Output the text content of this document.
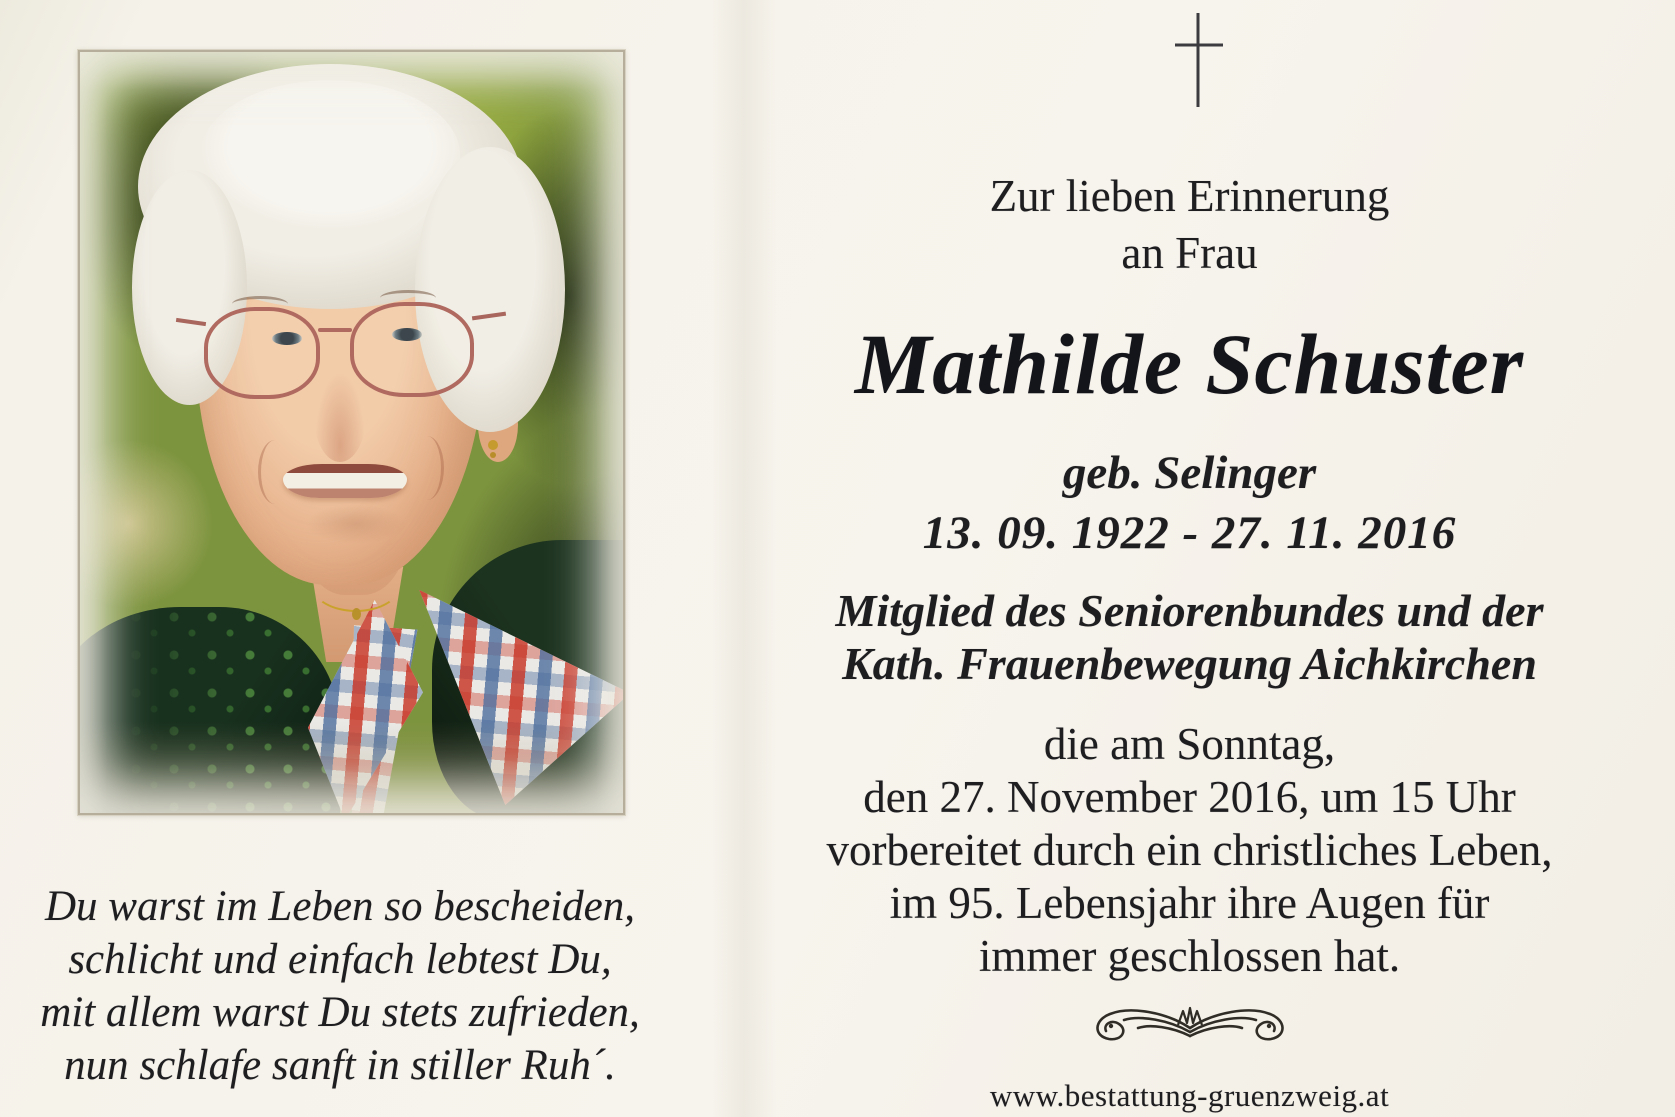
Du warst im Leben so bescheiden,
schlicht und einfach lebtest Du,
mit allem warst Du stets zufrieden,
nun schlafe sanft in stiller Ruh´.
Zur lieben Erinnerung
an Frau
Mathilde Schuster
geb. Selinger
13. 09. 1922 - 27. 11. 2016
Mitglied des Seniorenbundes und der
Kath. Frauenbewegung Aichkirchen
die am Sonntag,
den 27. November 2016, um 15 Uhr
vorbereitet durch ein christliches Leben,
im 95. Lebensjahr ihre Augen für
immer geschlossen hat.
www.bestattung-gruenzweig.at
